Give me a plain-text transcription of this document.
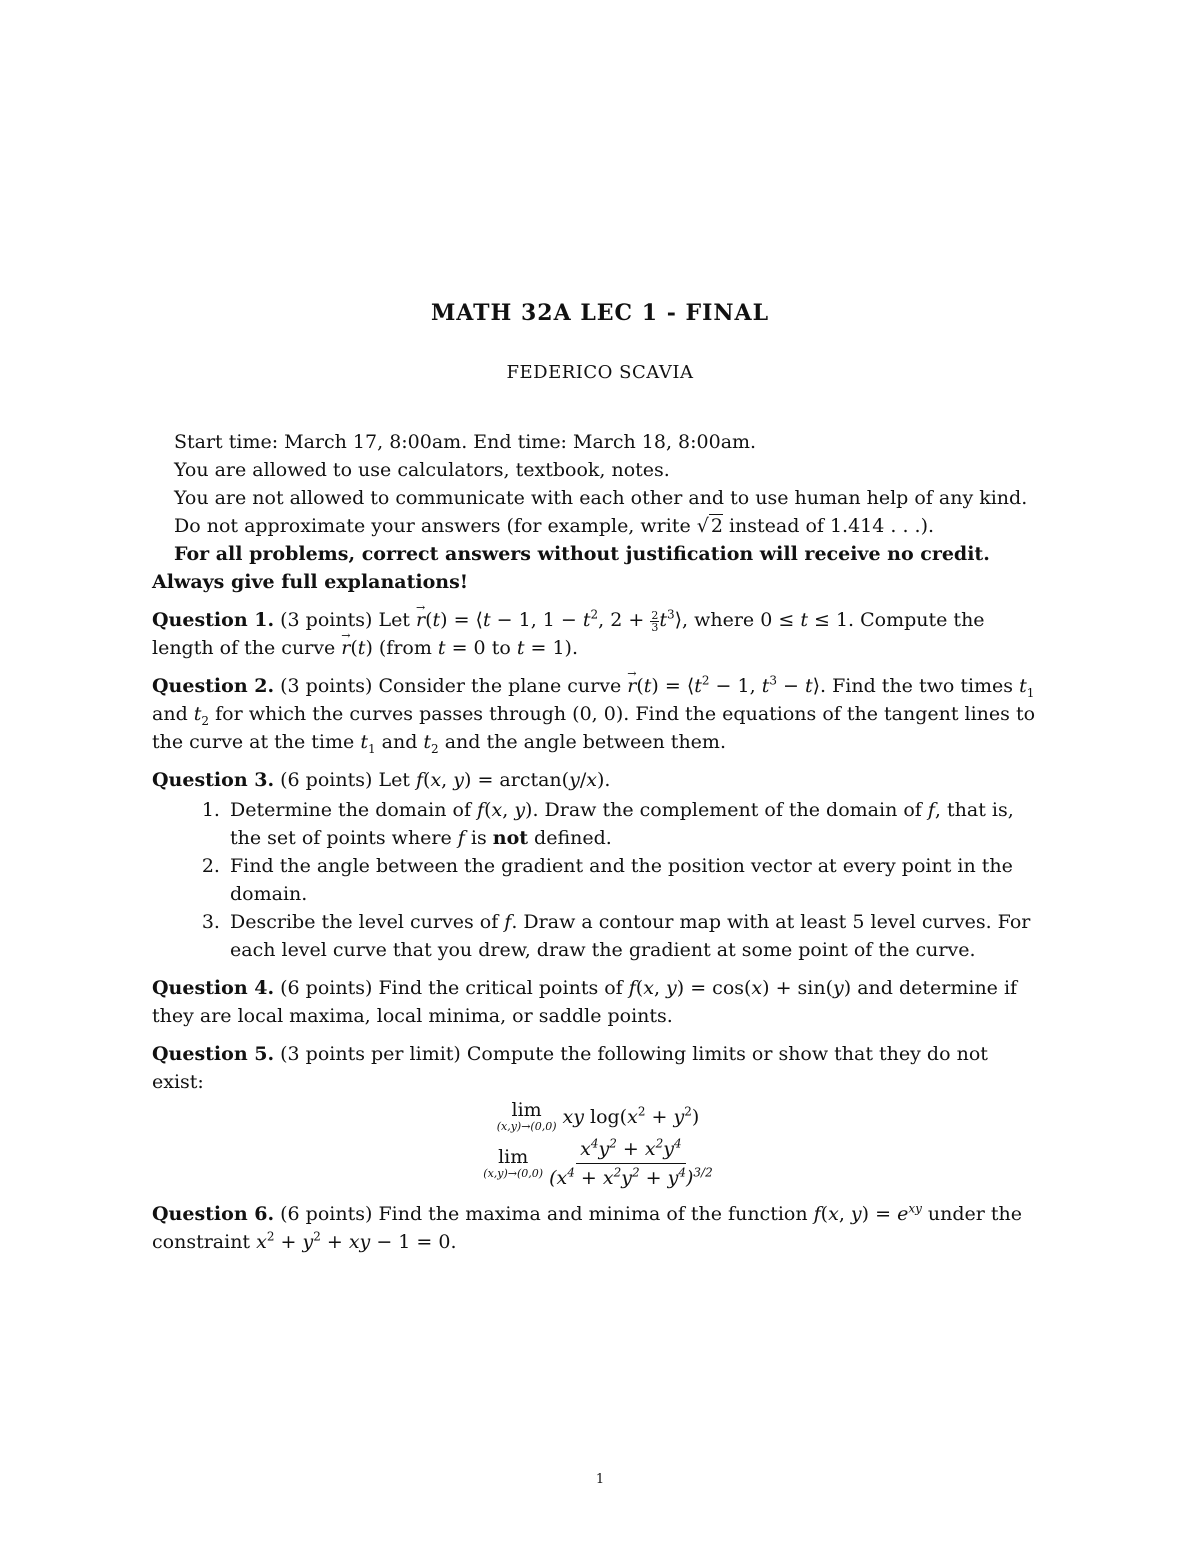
MATH 32A LEC 1 - FINAL
FEDERICO SCAVIA

Start time: March 17, 8:00am. End time: March 18, 8:00am.

You are allowed to use calculators, textbook, notes.

You are not allowed to communicate with each other and to use human help of any kind.

Do not approximate your answers (for example, write √ 2 instead of 1.414 . . .).

For all problems, correct answers without justification will receive no credit.

Always give full explanations!

Question 1. (3 points) Let → r(t) = ⟨t − 1, $1 - t^2$, $2 + \frac{2}{3}$ $t^3⟩$, where 0 ≤ t ≤ 1. Compute the length of the curve → r(t) (from t = 0 to t = 1).

Question 2. (3 points) Consider the plane curve → $r(t) = ⟨t^2 - 1$, $t^3$ − t⟩. Find the two times $t_1$ and $t_2$ for which the curves passes through (0, 0). Find the equations of the tangent lines to the curve at the time $t_1$ and $t_2$ and the angle between them.

Question 3. (6 points) Let f(x, y) = arctan(y/x).

1. Determine the domain of f(x, y). Draw the complement of the domain of f, that is, the set of points where f is not defined.
2. Find the angle between the gradient and the position vector at every point in the domain.
3. Describe the level curves of f. Draw a contour map with at least 5 level curves. For each level curve that you drew, draw the gradient at some point of the curve.

Question 4. (6 points) Find the critical points of f(x, y) = cos(x) + sin(y) and determine if they are local maxima, local minima, or saddle points.

Question 5. (3 points per limit) Compute the following limits or show that they do not exist:

lim
(x,y)→(0,0) xy $\log(x^2 + y^2)$
lim
(x,y)→(0,0)
$x^4y^2 + x^2y^4$
$(x^4 + x^2y^2 + y^4)^{3/2}$

Question 6. (6 points) Find the maxima and minima of the function f(x, $y) = e^{xy}$ under the constraint $x^2 + y^2$ + xy − 1 = 0.

1
